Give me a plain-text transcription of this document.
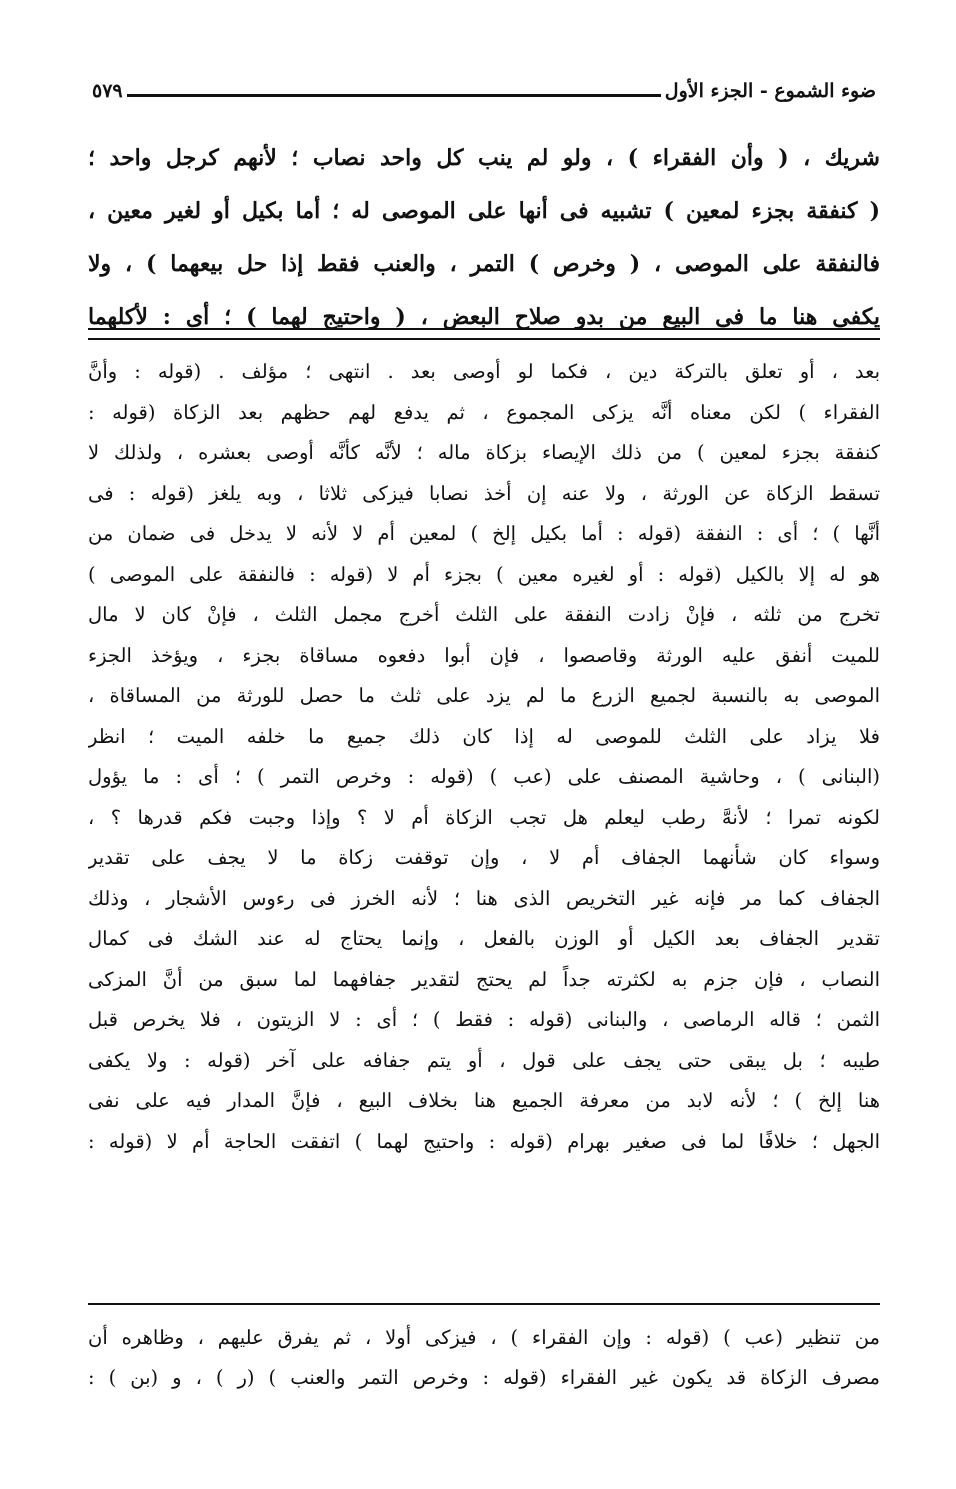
ضوء الشموع - الجزء الأول
٥٧٩
شريك ، ( وأن الفقراء ) ، ولو لم ينب كل واحد نصاب ؛ لأنهم كرجل واحد ؛
( كنفقة بجزء لمعين ) تشبيه فى أنها على الموصى له ؛ أما بكيل أو لغير معين ،
فالنفقة على الموصى ، ( وخرص ) التمر ، والعنب فقط إذا حل بيعهما ) ، ولا
يكفى هنا ما فى البيع من بدو صلاح البعض ، ( واحتيج لهما ) ؛ أى : لأكلهما
بعد ، أو تعلق بالتركة دين ، فكما لو أوصى بعد . انتهى ؛ مؤلف . (قوله : وأنَّ
الفقراء ) لكن معناه أنَّه يزكى المجموع ، ثم يدفع لهم حظهم بعد الزكاة (قوله :
كنفقة بجزء لمعين ) من ذلك الإيصاء بزكاة ماله ؛ لأنَّه كأنَّه أوصى بعشره ، ولذلك لا
تسقط الزكاة عن الورثة ، ولا عنه إن أخذ نصابا فيزكى ثلاثا ، وبه يلغز (قوله : فى
أنَّها ) ؛ أى : النفقة (قوله : أما بكيل إلخ ) لمعين أم لا لأنه لا يدخل فى ضمان من
هو له إلا بالكيل (قوله : أو لغيره معين ) بجزء أم لا (قوله : فالنفقة على الموصى )
تخرج من ثلثه ، فإنْ زادت النفقة على الثلث أخرج مجمل الثلث ، فإنْ كان لا مال
للميت أنفق عليه الورثة وقاصصوا ، فإن أبوا دفعوه مساقاة بجزء ، ويؤخذ الجزء
الموصى به بالنسبة لجميع الزرع ما لم يزد على ثلث ما حصل للورثة من المساقاة ،
فلا يزاد على الثلث للموصى له إذا كان ذلك جميع ما خلفه الميت ؛ انظر
(البنانى ) ، وحاشية المصنف على (عب ) (قوله : وخرص التمر ) ؛ أى : ما يؤول
لكونه تمرا ؛ لأنهَّ رطب ليعلم هل تجب الزكاة أم لا ؟ وإذا وجبت فكم قدرها ؟ ،
وسواء كان شأنهما الجفاف أم لا ، وإن توقفت زكاة ما لا يجف على تقدير
الجفاف كما مر فإنه غير التخريص الذى هنا ؛ لأنه الخرز فى رءوس الأشجار ، وذلك
تقدير الجفاف بعد الكيل أو الوزن بالفعل ، وإنما يحتاج له عند الشك فى كمال
النصاب ، فإن جزم به لكثرته جداً لم يحتج لتقدير جفافهما لما سبق من أنَّ المزكى
الثمن ؛ قاله الرماصى ، والبنانى (قوله : فقط ) ؛ أى : لا الزيتون ، فلا يخرص قبل
طيبه ؛ بل يبقى حتى يجف على قول ، أو يتم جفافه على آخر (قوله : ولا يكفى
هنا إلخ ) ؛ لأنه لابد من معرفة الجميع هنا بخلاف البيع ، فإنَّ المدار فيه على نفى
الجهل ؛ خلافًا لما فى صغير بهرام (قوله : واحتيج لهما ) اتفقت الحاجة أم لا (قوله :
من تنظير (عب ) (قوله : وإن الفقراء ) ، فيزكى أولا ، ثم يفرق عليهم ، وظاهره أن
مصرف الزكاة قد يكون غير الفقراء (قوله : وخرص التمر والعنب ) (ر ) ، و (بن ) :
